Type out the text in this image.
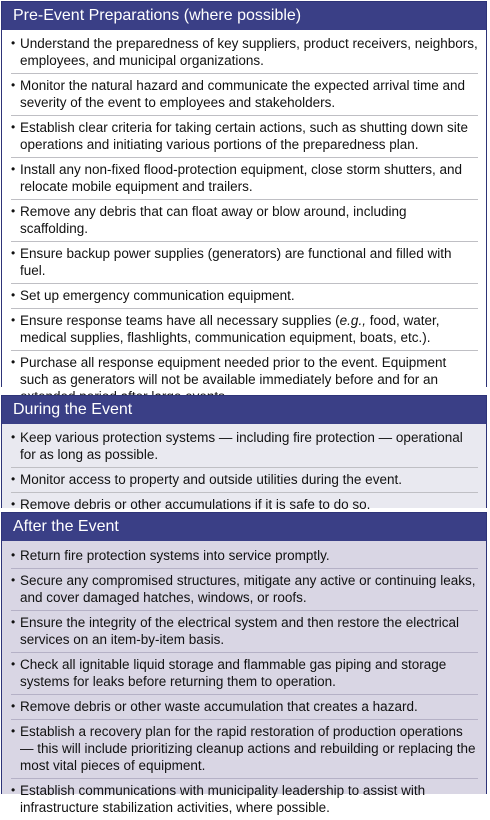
Pre-Event Preparations (where possible)
• Understand the preparedness of key suppliers, product receivers, neighbors, employees, and municipal organizations.
• Monitor the natural hazard and communicate the expected arrival time and severity of the event to employees and stakeholders.
• Establish clear criteria for taking certain actions, such as shutting down site operations and initiating various portions of the preparedness plan.
• Install any non-fixed flood-protection equipment, close storm shutters, and relocate mobile equipment and trailers.
• Remove any debris that can float away or blow around, including scaffolding.
• Ensure backup power supplies (generators) are functional and filled with fuel.
• Set up emergency communication equipment.
• Ensure response teams have all necessary supplies (e.g., food, water, medical supplies, flashlights, communication equipment, boats, etc.).
• Purchase all response equipment needed prior to the event. Equipment such as generators will not be available immediately before and for an
During the Event
• Keep various protection systems — including fire protection — operational for as long as possible.
• Monitor access to property and outside utilities during the event.
• Remove debris or other accumulations if it is safe to do so.
After the Event
• Return fire protection systems into service promptly.
• Secure any compromised structures, mitigate any active or continuing leaks, and cover damaged hatches, windows, or roofs.
• Ensure the integrity of the electrical system and then restore the electrical services on an item-by-item basis.
• Check all ignitable liquid storage and flammable gas piping and storage systems for leaks before returning them to operation.
• Remove debris or other waste accumulation that creates a hazard.
• Establish a recovery plan for the rapid restoration of production operations — this will include prioritizing cleanup actions and rebuilding or replacing the most vital pieces of equipment.
• Establish communications with municipality leadership to assist with infrastructure stabilization activities, where possible.
